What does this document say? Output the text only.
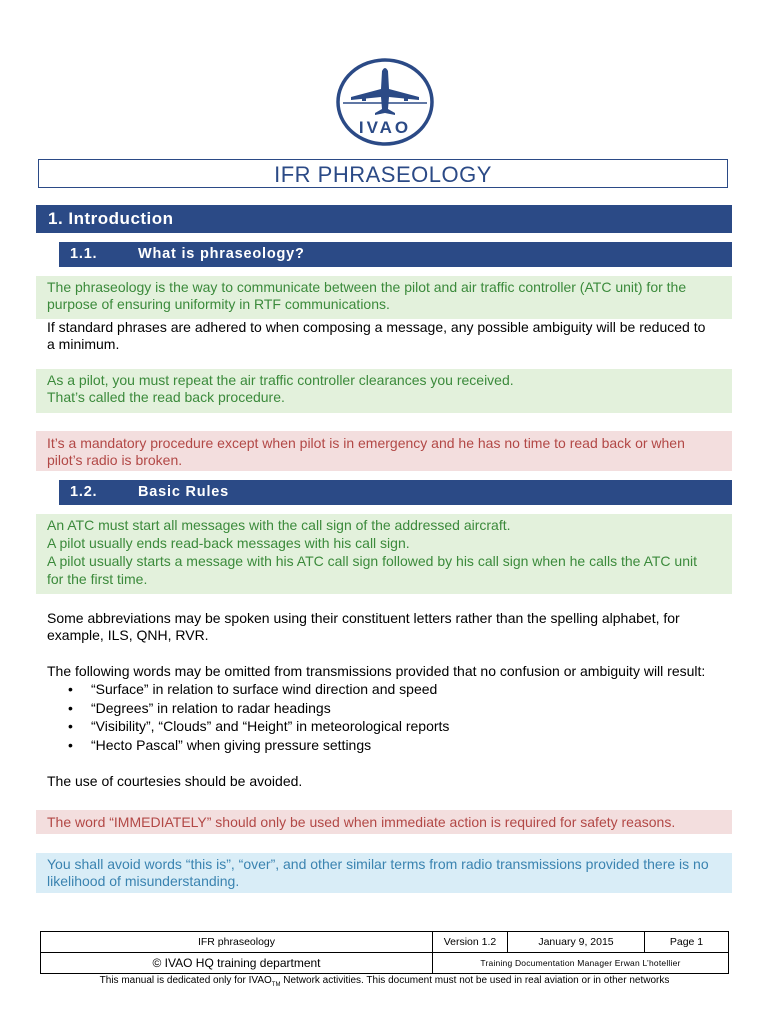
IVAO
IFR PHRASEOLOGY
1. Introduction
1.1.	What is phraseology?

The phraseology is the way to communicate between the pilot and air traffic controller (ATC unit) for the

purpose of ensuring uniformity in RTF communications.

If standard phrases are adhered to when composing a message, any possible ambiguity will be reduced to

a minimum.

As a pilot, you must repeat the air traffic controller clearances you received.

That’s called the read back procedure.

It’s a mandatory procedure except when pilot is in emergency and he has no time to read back or when

pilot’s radio is broken.

1.2.	Basic Rules

An ATC must start all messages with the call sign of the addressed aircraft.

A pilot usually ends read-back messages with his call sign.

A pilot usually starts a message with his ATC call sign followed by his call sign when he calls the ATC unit

for the first time.

Some abbreviations may be spoken using their constituent letters rather than the spelling alphabet, for

example, ILS, QNH, RVR.

The following words may be omitted from transmissions provided that no confusion or ambiguity will result:

• “Surface” in relation to surface wind direction and speed
• “Degrees” in relation to radar headings
• “Visibility”, “Clouds” and “Height” in meteorological reports
• “Hecto Pascal” when giving pressure settings
The use of courtesies should be avoided.
The word “IMMEDIATELY” should only be used when immediate action is required for safety reasons.

You shall avoid words “this is”, “over”, and other similar terms from radio transmissions provided there is no

likelihood of misunderstanding.

IFR phraseology	Version 1.2	January 9, 2015	Page 1
© IVAO HQ training department	Training Documentation Manager Erwan L’hotellier		
This manual is dedicated only for $IVAO_{TM}$ Network activities. This document must not be used in real aviation or in other networks
